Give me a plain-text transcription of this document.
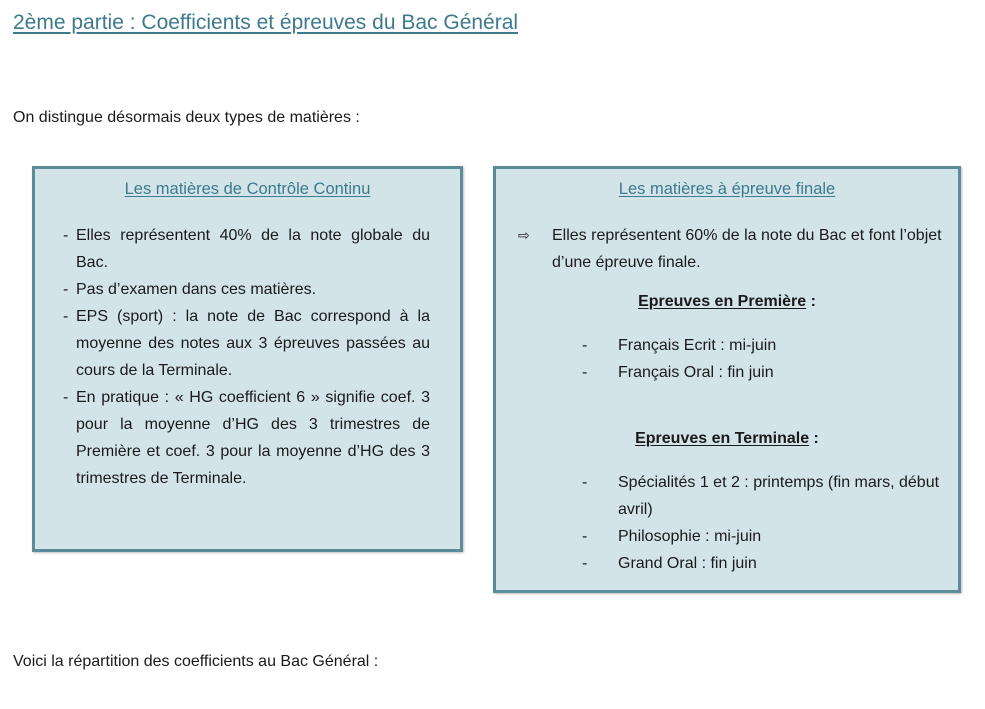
2ème partie : Coefficients et épreuves du Bac Général
On distingue désormais deux types de matières :
Les matières de Contrôle Continu
- Elles représentent 40% de la note globale du Bac.
- Pas d’examen dans ces matières.
- EPS (sport) : la note de Bac correspond à la moyenne des notes aux 3 épreuves passées au cours de la Terminale.
- En pratique : « HG coefficient 6 » signifie coef. 3 pour la moyenne d’HG des 3 trimestres de Première et coef. 3 pour la moyenne d’HG des 3 trimestres de Terminale.
Les matières à épreuve finale
⇨ Elles représentent 60% de la note du Bac et font l’objet d’une épreuve finale.
Epreuves en Première :
- Français Ecrit : mi-juin
- Français Oral : fin juin
Epreuves en Terminale :
- Spécialités 1 et 2 : printemps (fin mars, début avril)
- Philosophie : mi-juin
- Grand Oral : fin juin
Voici la répartition des coefficients au Bac Général :
